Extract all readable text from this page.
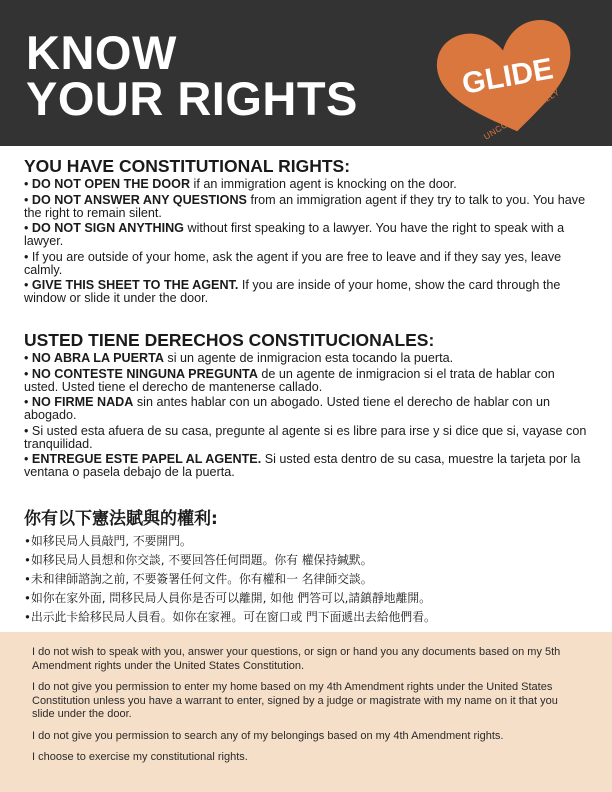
KNOW
YOUR RIGHTS	GLIDE
UNCONDITIONALLY
YOU HAVE CONSTITUTIONAL RIGHTS:

• DO NOT OPEN THE DOOR if an immigration agent is knocking on the door.

• DO NOT ANSWER ANY QUESTIONS from an immigration agent if they try to talk to you. You have the right to remain silent.

• DO NOT SIGN ANYTHING without first speaking to a lawyer. You have the right to speak with a lawyer.

• If you are outside of your home, ask the agent if you are free to leave and if they say yes, leave calmly.

• GIVE THIS SHEET TO THE AGENT. If you are inside of your home, show the card through the window or slide it under the door.

USTED TIENE DERECHOS CONSTITUCIONALES:

• NO ABRA LA PUERTA si un agente de inmigracion esta tocando la puerta.

• NO CONTESTE NINGUNA PREGUNTA de un agente de inmigracion si el trata de hablar con usted. Usted tiene el derecho de mantenerse callado.

• NO FIRME NADA sin antes hablar con un abogado. Usted tiene el derecho de hablar con un abogado.

• Si usted esta afuera de su casa, pregunte al agente si es libre para irse y si dice que si, vayase con tranquilidad.

• ENTREGUE ESTE PAPEL AL AGENTE. Si usted esta dentro de su casa, muestre la tarjeta por la ventana o pasela debajo de la puerta.

你有以下憲法賦與的權利:

•如移民局人員敲門, 不要開門。

•如移民局人員想和你交談, 不要回答任何問題。你有 權保持緘默。

•未和律師諮詢之前, 不要簽署任何文件。你有權和一 名律師交談。

•如你在家外面, 問移民局人員你是否可以離開, 如他 們答可以,請鎮靜地離開。

•出示此卡給移民局人員看。如你在家裡。可在窗口或 門下面遞出去給他們看。

I do not wish to speak with you, answer your questions, or sign or hand you any documents based on my 5th Amendment rights under the United States Constitution.

I do not give you permission to enter my home based on my 4th Amendment rights under the United States Constitution unless you have a warrant to enter, signed by a judge or magistrate with my name on it that you slide under the door.

I do not give you permission to search any of my belongings based on my 4th Amendment rights.

I choose to exercise my constitutional rights.
